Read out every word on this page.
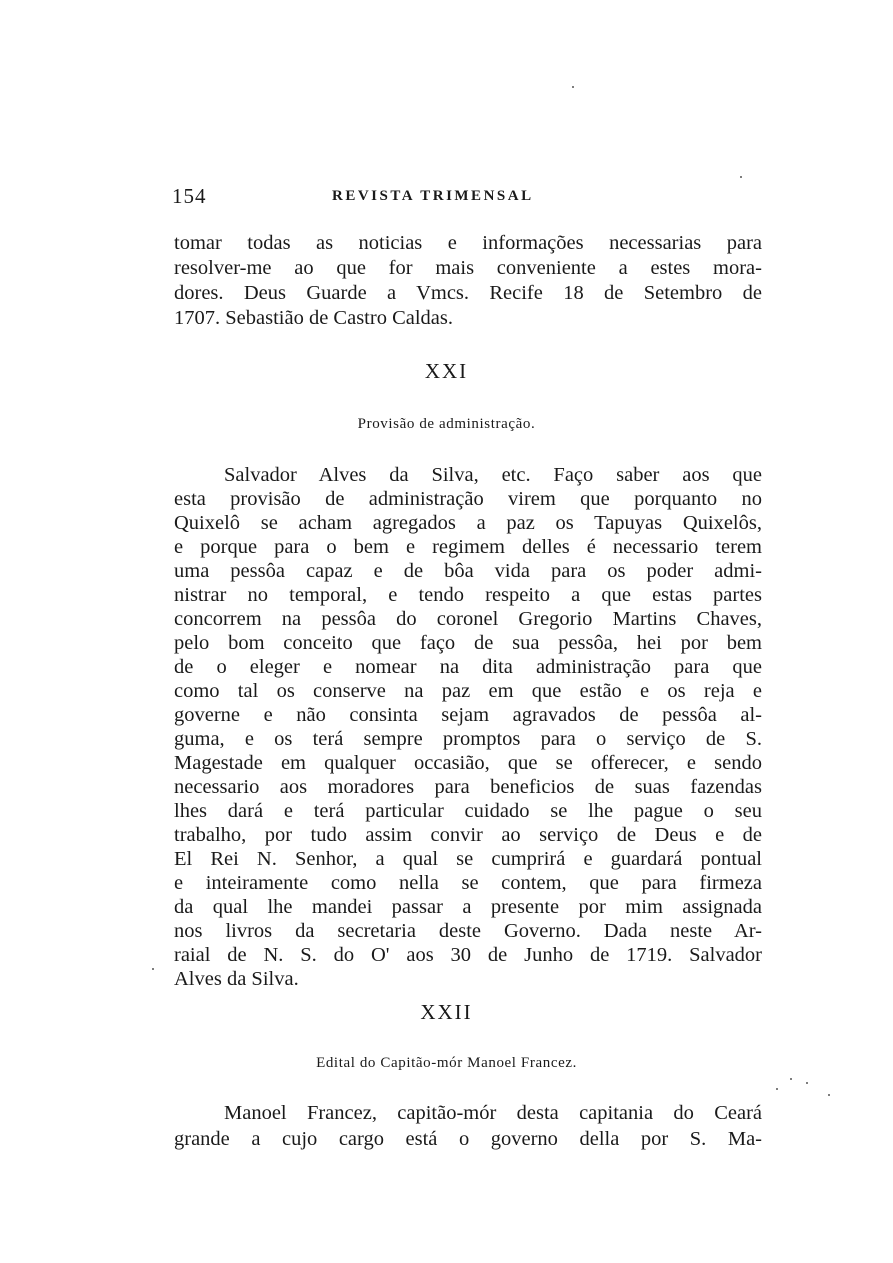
154	REVISTA TRIMENSAL
tomar todas as noticias e informações necessarias para
resolver-me ao que for mais conveniente a estes mora-
dores. Deus Guarde a Vmcs. Recife 18 de Setembro de
1707. Sebastião de Castro Caldas.
XXI
Provisão de administração.
Salvador Alves da Silva, etc. Faço saber aos que
esta provisão de administração virem que porquanto no
Quixelô se acham agregados a paz os Tapuyas Quixelôs,
e porque para o bem e regimem delles é necessario terem
uma pessôa capaz e de bôa vida para os poder admi-
nistrar no temporal, e tendo respeito a que estas partes
concorrem na pessôa do coronel Gregorio Martins Chaves,
pelo bom conceito que faço de sua pessôa, hei por bem
de o eleger e nomear na dita administração para que
como tal os conserve na paz em que estão e os reja e
governe e não consinta sejam agravados de pessôa al-
guma, e os terá sempre promptos para o serviço de S.
Magestade em qualquer occasião, que se offerecer, e sendo
necessario aos moradores para beneficios de suas fazendas
lhes dará e terá particular cuidado se lhe pague o seu
trabalho, por tudo assim convir ao serviço de Deus e de
El Rei N. Senhor, a qual se cumprirá e guardará pontual
e inteiramente como nella se contem, que para firmeza
da qual lhe mandei passar a presente por mim assignada
nos livros da secretaria deste Governo. Dada neste Ar-
raial de N. S. do O' aos 30 de Junho de 1719. Salvador
Alves da Silva.
XXII
Edital do Capitão-mór Manoel Francez.
Manoel Francez, capitão-mór desta capitania do Ceará
grande a cujo cargo está o governo della por S. Ma-
